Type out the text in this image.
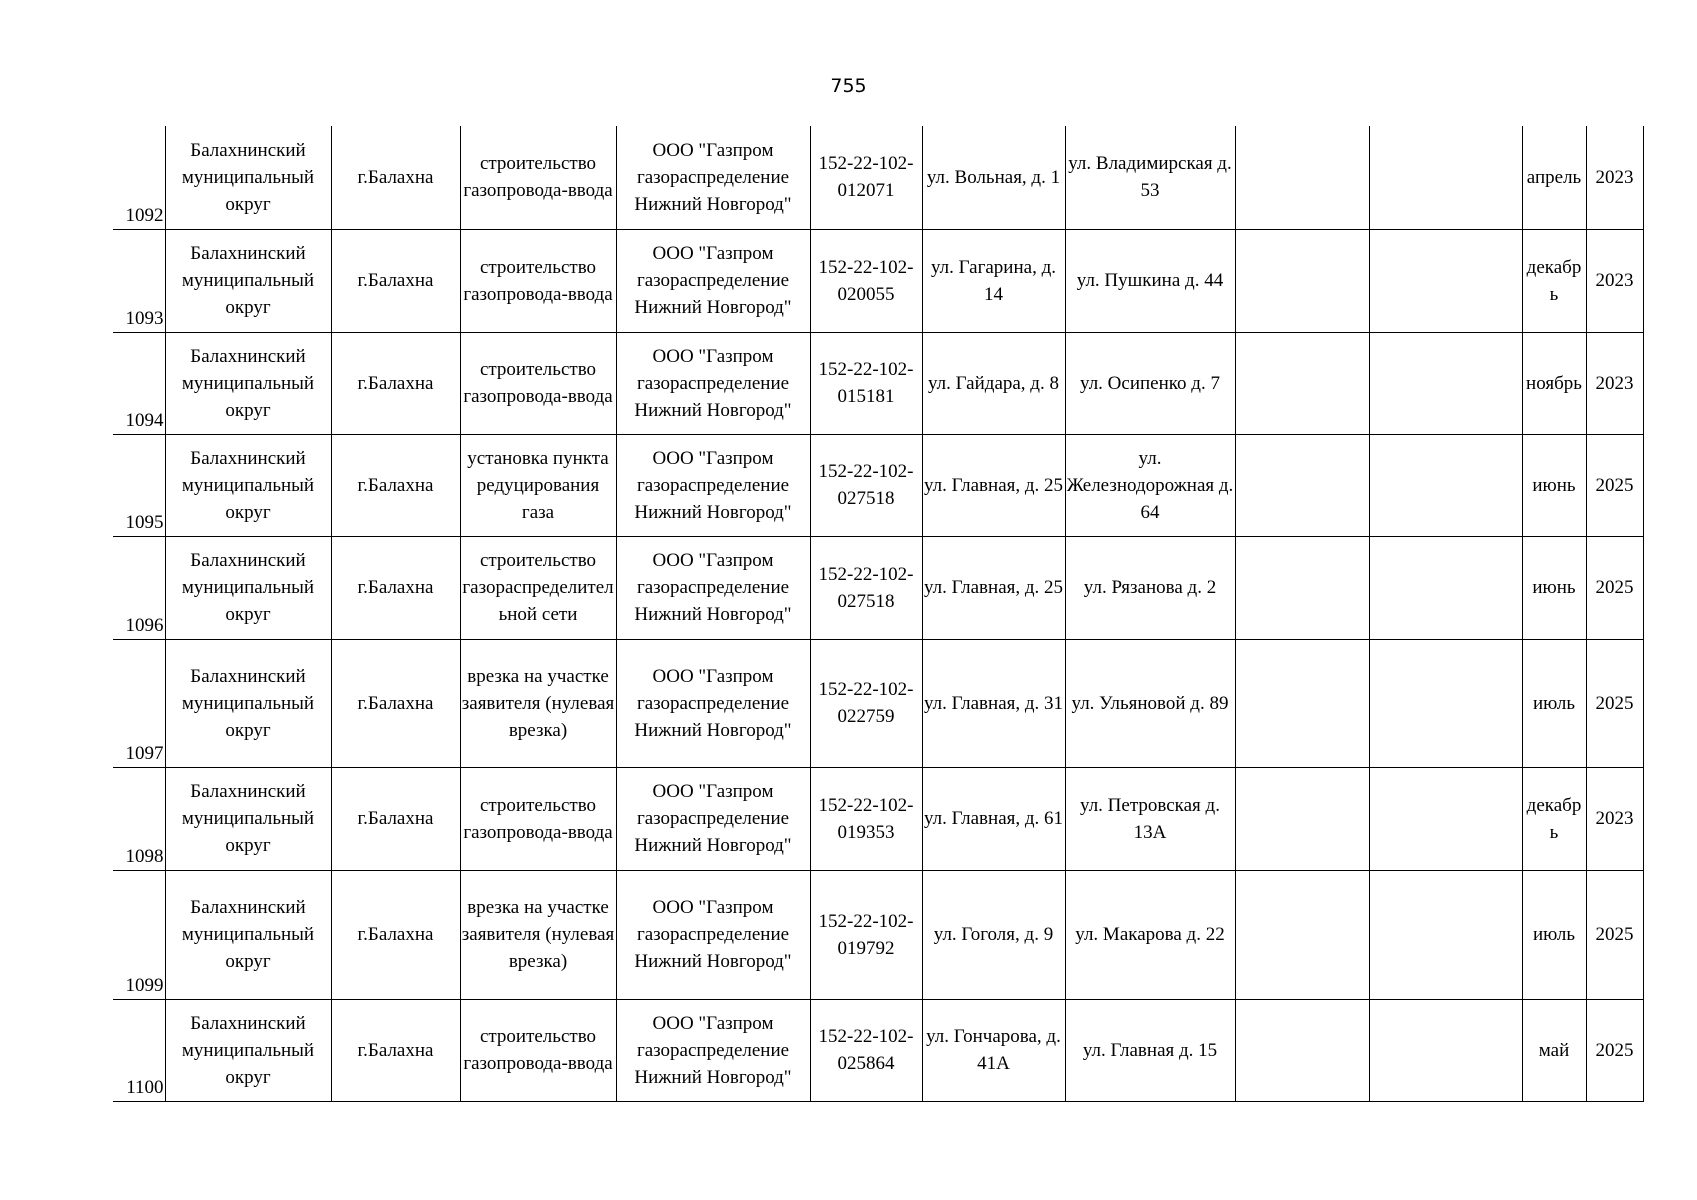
755
1092	Балахнинский муниципальный округ	г.Балахна	строительство газопровода-ввода	ООО "Газпром газораспределение Нижний Новгород"	152-22-102-012071	ул. Вольная, д. 1	ул. Владимирская д. 53			апрель	2023

1093	Балахнинский муниципальный округ	г.Балахна	строительство газопровода-ввода	ООО "Газпром газораспределение Нижний Новгород"	152-22-102-020055	ул. Гагарина, д. 14	ул. Пушкина д. 44			декабрь	2023

1094	Балахнинский муниципальный округ	г.Балахна	строительство газопровода-ввода	ООО "Газпром газораспределение Нижний Новгород"	152-22-102-015181	ул. Гайдара, д. 8	ул. Осипенко д. 7			ноябрь	2023

1095	Балахнинский муниципальный округ	г.Балахна	установка пункта редуцирования газа	ООО "Газпром газораспределение Нижний Новгород"	152-22-102-027518	ул. Главная, д. 25	ул. Железнодорожная д. 64			июнь	2025

1096	Балахнинский муниципальный округ	г.Балахна	строительство газораспределительной сети	ООО "Газпром газораспределение Нижний Новгород"	152-22-102-027518	ул. Главная, д. 25	ул. Рязанова д. 2			июнь	2025

1097	Балахнинский муниципальный округ	г.Балахна	врезка на участке заявителя (нулевая врезка)	ООО "Газпром газораспределение Нижний Новгород"	152-22-102-022759	ул. Главная, д. 31	ул. Ульяновой д. 89			июль	2025

1098	Балахнинский муниципальный округ	г.Балахна	строительство газопровода-ввода	ООО "Газпром газораспределение Нижний Новгород"	152-22-102-019353	ул. Главная, д. 61	ул. Петровская д. 13А			декабрь	2023

1099	Балахнинский муниципальный округ	г.Балахна	врезка на участке заявителя (нулевая врезка)	ООО "Газпром газораспределение Нижний Новгород"	152-22-102-019792	ул. Гоголя, д. 9	ул. Макарова д. 22			июль	2025

1100	Балахнинский муниципальный округ	г.Балахна	строительство газопровода-ввода	ООО "Газпром газораспределение Нижний Новгород"	152-22-102-025864	ул. Гончарова, д. 41А	ул. Главная д. 15			май	2025
